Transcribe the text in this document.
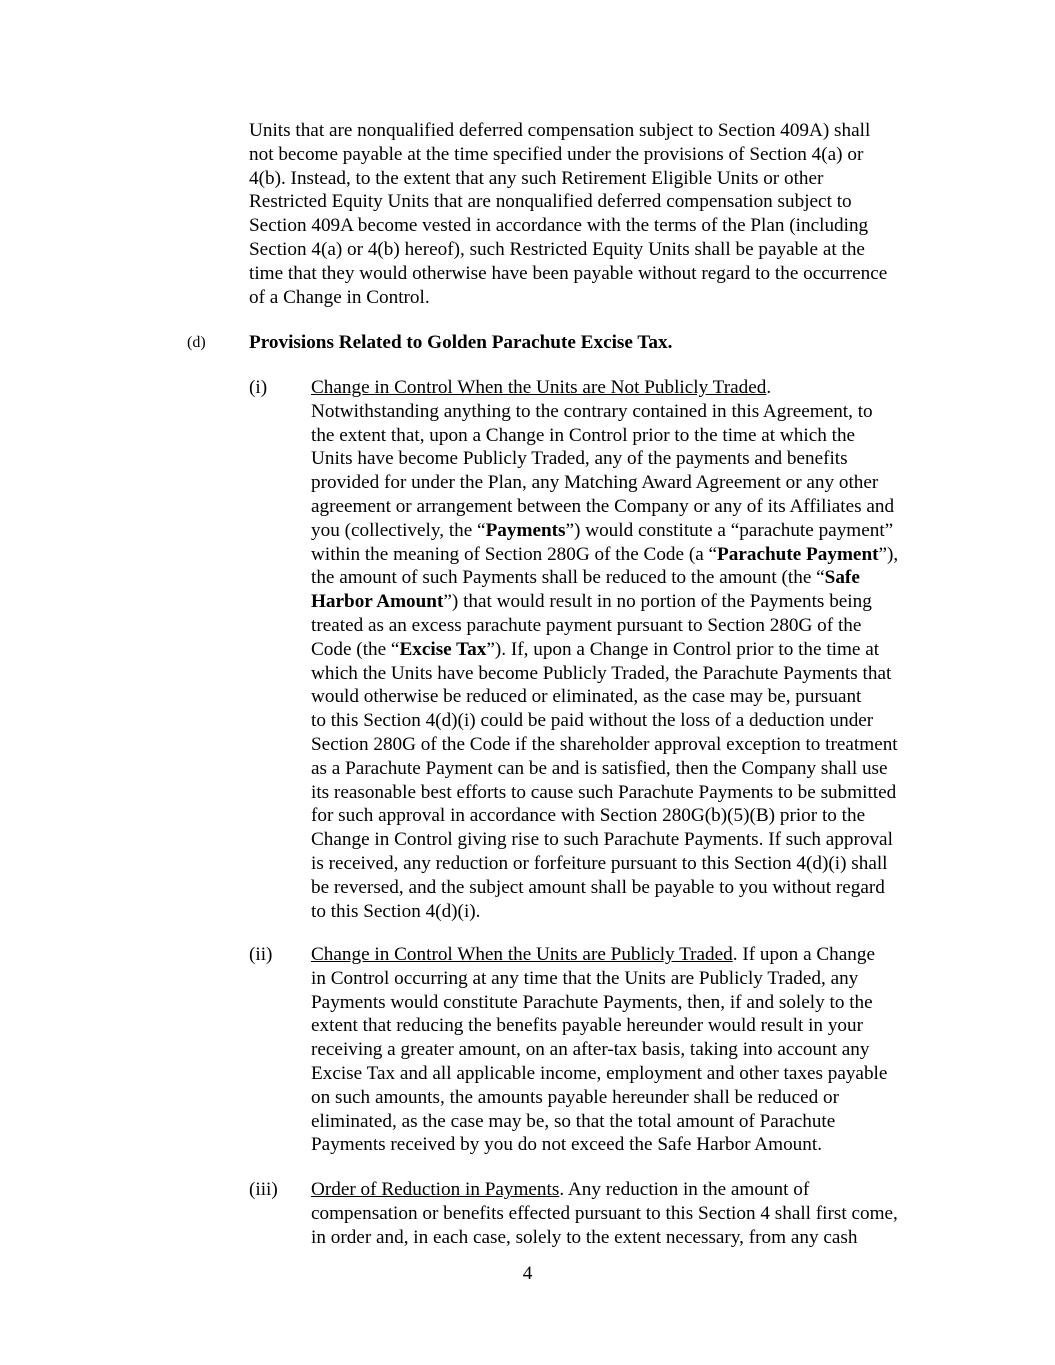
Units that are nonqualified deferred compensation subject to Section 409A) shall
not become payable at the time specified under the provisions of Section 4(a) or
4(b). Instead, to the extent that any such Retirement Eligible Units or other
Restricted Equity Units that are nonqualified deferred compensation subject to
Section 409A become vested in accordance with the terms of the Plan (including
Section 4(a) or 4(b) hereof), such Restricted Equity Units shall be payable at the
time that they would otherwise have been payable without regard to the occurrence
of a Change in Control.
(d) Provisions Related to Golden Parachute Excise Tax.
(i) Change in Control When the Units are Not Publicly Traded.
Notwithstanding anything to the contrary contained in this Agreement, to
the extent that, upon a Change in Control prior to the time at which the
Units have become Publicly Traded, any of the payments and benefits
provided for under the Plan, any Matching Award Agreement or any other
agreement or arrangement between the Company or any of its Affiliates and
you (collectively, the “Payments”) would constitute a “parachute payment”
within the meaning of Section 280G of the Code (a “Parachute Payment”),
the amount of such Payments shall be reduced to the amount (the “Safe
Harbor Amount”) that would result in no portion of the Payments being
treated as an excess parachute payment pursuant to Section 280G of the
Code (the “Excise Tax”). If, upon a Change in Control prior to the time at
which the Units have become Publicly Traded, the Parachute Payments that
would otherwise be reduced or eliminated, as the case may be, pursuant
to this Section 4(d)(i) could be paid without the loss of a deduction under
Section 280G of the Code if the shareholder approval exception to treatment
as a Parachute Payment can be and is satisfied, then the Company shall use
its reasonable best efforts to cause such Parachute Payments to be submitted
for such approval in accordance with Section 280G(b)(5)(B) prior to the
Change in Control giving rise to such Parachute Payments. If such approval
is received, any reduction or forfeiture pursuant to this Section 4(d)(i) shall
be reversed, and the subject amount shall be payable to you without regard
to this Section 4(d)(i).
(ii) Change in Control When the Units are Publicly Traded. If upon a Change
in Control occurring at any time that the Units are Publicly Traded, any
Payments would constitute Parachute Payments, then, if and solely to the
extent that reducing the benefits payable hereunder would result in your
receiving a greater amount, on an after-tax basis, taking into account any
Excise Tax and all applicable income, employment and other taxes payable
on such amounts, the amounts payable hereunder shall be reduced or
eliminated, as the case may be, so that the total amount of Parachute
Payments received by you do not exceed the Safe Harbor Amount.
(iii) Order of Reduction in Payments. Any reduction in the amount of
compensation or benefits effected pursuant to this Section 4 shall first come,
in order and, in each case, solely to the extent necessary, from any cash
4
